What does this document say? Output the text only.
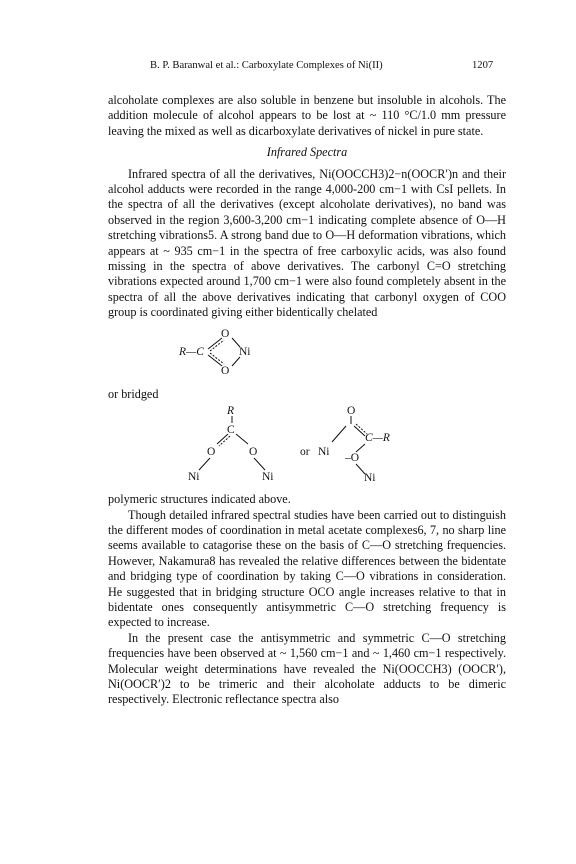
B. P. Baranwal et al.: Carboxylate Complexes of Ni(II)	1207

alcoholate complexes are also soluble in benzene but insoluble in alcohols. The addition molecule of alcohol appears to be lost at ~ 110 °C/1.0 mm pressure leaving the mixed as well as dicarboxylate derivatives of nickel in pure state.

Infrared Spectra

Infrared spectra of all the derivatives, Ni(OOCCH3)2−n(OOCR′)n and their alcohol adducts were recorded in the range 4,000-200 cm−1 with CsI pellets. In the spectra of all the derivatives (except alcoholate derivatives), no band was observed in the region 3,600-3,200 cm−1 indicating complete absence of O—H stretching vibrations5. A strong band due to O—H deformation vibrations, which appears at ~ 935 cm−1 in the spectra of free carboxylic acids, was also found missing in the spectra of above derivatives. The carbonyl C=O stretching vibrations expected around 1,700 cm−1 were also found completely absent in the spectra of all the above derivatives indicating that carbonyl oxygen of COO group is coordinated giving either bidentically chelated

R—C
O
O
Ni

or bridged

R
C
O	O
Ni	Ni
or
O
C—R
Ni –O
Ni

polymeric structures indicated above.

Though detailed infrared spectral studies have been carried out to distinguish the different modes of coordination in metal acetate complexes6, 7, no sharp line seems available to catagorise these on the basis of C—O stretching frequencies. However, Nakamura8 has revealed the relative differences between the bidentate and bridging type of coordination by taking C—O vibrations in consideration. He suggested that in bridging structure OCO angle increases relative to that in bidentate ones consequently antisymmetric C—O stretching frequency is expected to increase.

In the present case the antisymmetric and symmetric C—O stretching frequencies have been observed at ~ 1,560 cm−1 and ~ 1,460 cm−1 respectively. Molecular weight determinations have revealed the Ni(OOCCH3) (OOCR′), Ni(OOCR′)2 to be trimeric and their alcoholate adducts to be dimeric respectively. Electronic reflectance spectra also
